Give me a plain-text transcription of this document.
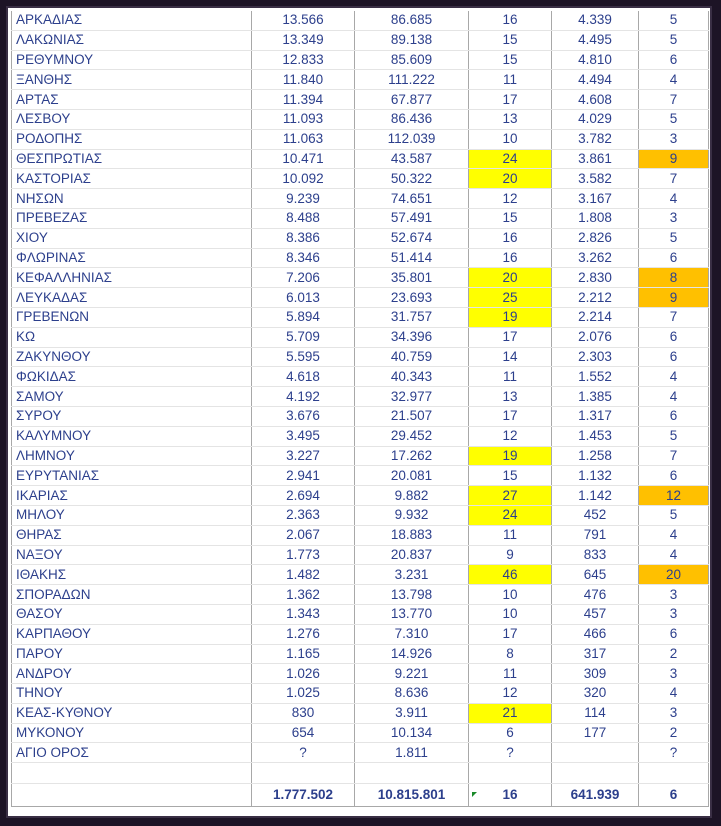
ΑΡΚΑΔΙΑΣ	13.566	86.685	16	4.339	5
ΛΑΚΩΝΙΑΣ	13.349	89.138	15	4.495	5
ΡΕΘΥΜΝΟΥ	12.833	85.609	15	4.810	6
ΞΑΝΘΗΣ	11.840	111.222	11	4.494	4
ΑΡΤΑΣ	11.394	67.877	17	4.608	7
ΛΕΣΒΟΥ	11.093	86.436	13	4.029	5
ΡΟΔΟΠΗΣ	11.063	112.039	10	3.782	3
ΘΕΣΠΡΩΤΙΑΣ	10.471	43.587	24	3.861	9
ΚΑΣΤΟΡΙΑΣ	10.092	50.322	20	3.582	7
ΝΗΣΩΝ	9.239	74.651	12	3.167	4
ΠΡΕΒΕΖΑΣ	8.488	57.491	15	1.808	3
ΧΙΟΥ	8.386	52.674	16	2.826	5
ΦΛΩΡΙΝΑΣ	8.346	51.414	16	3.262	6
ΚΕΦΑΛΛΗΝΙΑΣ	7.206	35.801	20	2.830	8
ΛΕΥΚΑΔΑΣ	6.013	23.693	25	2.212	9
ΓΡΕΒΕΝΩΝ	5.894	31.757	19	2.214	7
ΚΩ	5.709	34.396	17	2.076	6
ΖΑΚΥΝΘΟΥ	5.595	40.759	14	2.303	6
ΦΩΚΙΔΑΣ	4.618	40.343	11	1.552	4
ΣΑΜΟΥ	4.192	32.977	13	1.385	4
ΣΥΡΟΥ	3.676	21.507	17	1.317	6
ΚΑΛΥΜΝΟΥ	3.495	29.452	12	1.453	5
ΛΗΜΝΟΥ	3.227	17.262	19	1.258	7
ΕΥΡΥΤΑΝΙΑΣ	2.941	20.081	15	1.132	6
ΙΚΑΡΙΑΣ	2.694	9.882	27	1.142	12
ΜΗΛΟΥ	2.363	9.932	24	452	5
ΘΗΡΑΣ	2.067	18.883	11	791	4
ΝΑΞΟΥ	1.773	20.837	9	833	4
ΙΘΑΚΗΣ	1.482	3.231	46	645	20
ΣΠΟΡΑΔΩΝ	1.362	13.798	10	476	3
ΘΑΣΟΥ	1.343	13.770	10	457	3
ΚΑΡΠΑΘΟΥ	1.276	7.310	17	466	6
ΠΑΡΟΥ	1.165	14.926	8	317	2
ΑΝΔΡΟΥ	1.026	9.221	11	309	3
ΤΗΝΟΥ	1.025	8.636	12	320	4
ΚΕΑΣ-ΚΥΘΝΟΥ	830	3.911	21	114	3
ΜΥΚΟΝΟΥ	654	10.134	6	177	2
ΑΓΙΟ ΟΡΟΣ	?	1.811	?		?

	1.777.502	10.815.801	16	641.939	6
